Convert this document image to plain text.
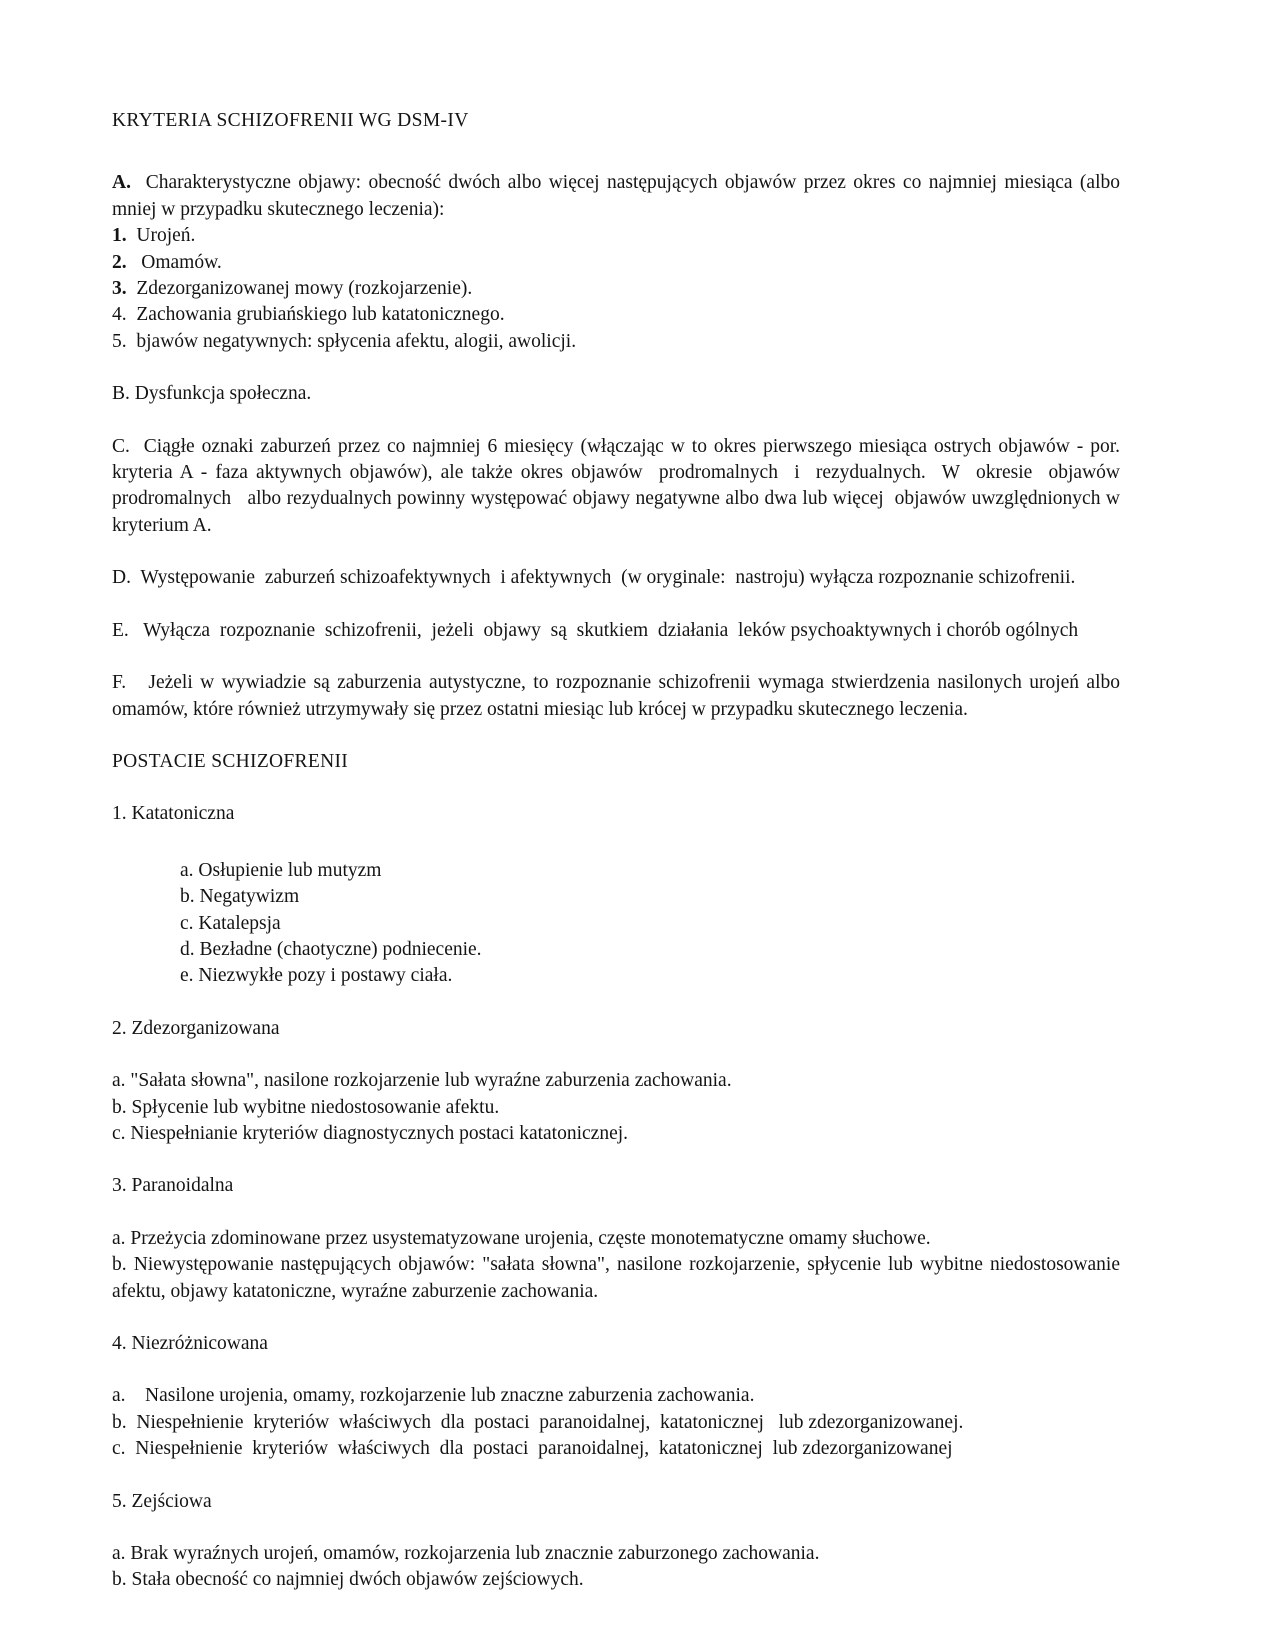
KRYTERIA SCHIZOFRENII WG DSM-IV
A. Charakterystyczne objawy: obecność dwóch albo więcej następujących objawów przez okres co najmniej miesiąca (albo mniej w przypadku skutecznego leczenia):
1. Urojeń.
2.   Omamów.
3. Zdezorganizowanej mowy (rozkojarzenie).
4. Zachowania grubiańskiego lub katatonicznego.
5. bjawów negatywnych: spłycenia afektu, alogii, awolicji.
B. Dysfunkcja społeczna.
C. Ciągłe oznaki zaburzeń przez co najmniej 6 miesięcy (włączając w to okres pierwszego miesiąca ostrych objawów - por. kryteria A - faza aktywnych objawów), ale także okres objawów  prodromalnych  i  rezydualnych.  W  okresie  objawów prodromalnych   albo rezydualnych powinny występować objawy negatywne albo dwa lub więcej  objawów uwzględnionych w kryterium A.
D.  Występowanie  zaburzeń schizoafektywnych  i afektywnych  (w oryginale:  nastroju) wyłącza rozpoznanie schizofrenii.
E.   Wyłącza  rozpoznanie  schizofrenii,  jeżeli  objawy  są  skutkiem  działania  leków psychoaktywnych i chorób ogólnych
F.   Jeżeli w wywiadzie są zaburzenia autystyczne, to rozpoznanie schizofrenii wymaga stwierdzenia nasilonych urojeń albo omamów, które również utrzymywały się przez ostatni miesiąc lub krócej w przypadku skutecznego leczenia.
POSTACIE SCHIZOFRENII
1. Katatoniczna
a. Osłupienie lub mutyzm
b. Negatywizm
c. Katalepsja
d. Bezładne (chaotyczne) podniecenie.
e. Niezwykłe pozy i postawy ciała.
2. Zdezorganizowana
a. "Sałata słowna", nasilone rozkojarzenie lub wyraźne zaburzenia zachowania.
b. Spłycenie lub wybitne niedostosowanie afektu.
c. Niespełnianie kryteriów diagnostycznych postaci katatonicznej.
3. Paranoidalna
a. Przeżycia zdominowane przez usystematyzowane urojenia, częste monotematyczne omamy słuchowe.
b. Niewystępowanie następujących objawów: "sałata słowna", nasilone rozkojarzenie, spłycenie lub wybitne niedostosowanie afektu, objawy katatoniczne, wyraźne zaburzenie zachowania.
4. Niezróżnicowana
a.    Nasilone urojenia, omamy, rozkojarzenie lub znaczne zaburzenia zachowania.
b.  Niespełnienie  kryteriów  właściwych  dla  postaci  paranoidalnej,  katatonicznej   lub zdezorganizowanej.
c.  Niespełnienie  kryteriów  właściwych  dla  postaci  paranoidalnej,  katatonicznej  lub zdezorganizowanej
5. Zejściowa
a. Brak wyraźnych urojeń, omamów, rozkojarzenia lub znacznie zaburzonego zachowania.
b. Stała obecność co najmniej dwóch objawów zejściowych.
